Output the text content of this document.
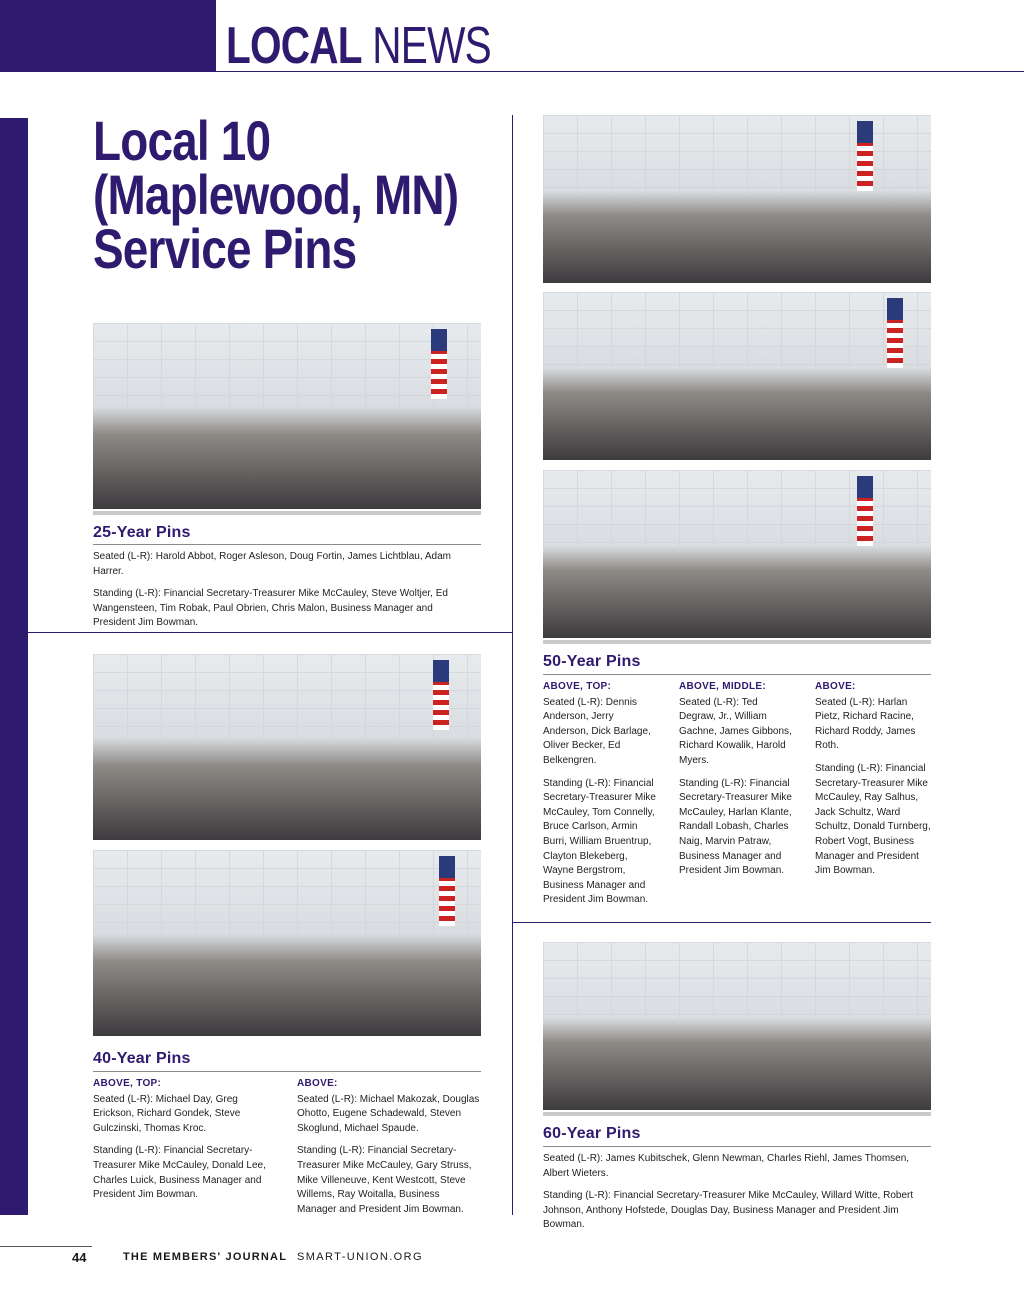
LOCAL NEWS
Local 10
(Maplewood, MN)
Service Pins
25-Year Pins

Seated (L-R): Harold Abbot, Roger Asleson, Doug Fortin, James Lichtblau, Adam Harrer.

Standing (L-R): Financial Secretary-Treasurer Mike McCauley, Steve Woltjer, Ed Wangensteen, Tim Robak, Paul Obrien, Chris Malon, Business Manager and President Jim Bowman.

40-Year Pins
ABOVE, TOP:

Seated (L-R): Michael Day, Greg Erickson, Richard Gondek, Steve Gulczinski, Thomas Kroc.

Standing (L-R): Financial Secretary-Treasurer Mike McCauley, Donald Lee, Charles Luick, Business Manager and President Jim Bowman.

ABOVE:

Seated (L-R): Michael Makozak, Douglas Ohotto, Eugene Schadewald, Steven Skoglund, Michael Spaude.

Standing (L-R): Financial Secretary-Treasurer Mike McCauley, Gary Struss, Mike Villeneuve, Kent Westcott, Steve Willems, Ray Woitalla, Business Manager and President Jim Bowman.

50-Year Pins
ABOVE, TOP:

Seated (L-R): Dennis Anderson, Jerry Anderson, Dick Barlage, Oliver Becker, Ed Belkengren.

Standing (L-R): Financial Secretary-Treasurer Mike McCauley, Tom Connelly, Bruce Carlson, Armin Burri, William Bruentrup, Clayton Blekeberg, Wayne Bergstrom, Business Manager and President Jim Bowman.

ABOVE, MIDDLE:

Seated (L-R): Ted Degraw, Jr., William Gachne, James Gibbons, Richard Kowalik, Harold Myers.

Standing (L-R): Financial Secretary-Treasurer Mike McCauley, Harlan Klante, Randall Lobash, Charles Naig, Marvin Patraw, Business Manager and President Jim Bowman.

ABOVE:

Seated (L-R): Harlan Pietz, Richard Racine, Richard Roddy, James Roth.

Standing (L-R): Financial Secretary-Treasurer Mike McCauley, Ray Salhus, Jack Schultz, Ward Schultz, Donald Turnberg, Robert Vogt, Business Manager and President Jim Bowman.

60-Year Pins

Seated (L-R): James Kubitschek, Glenn Newman, Charles Riehl, James Thomsen, Albert Wieters.

Standing (L-R): Financial Secretary-Treasurer Mike McCauley, Willard Witte, Robert Johnson, Anthony Hofstede, Douglas Day, Business Manager and President Jim Bowman.

44	THE MEMBERS' JOURNAL SMART-UNION.ORG
